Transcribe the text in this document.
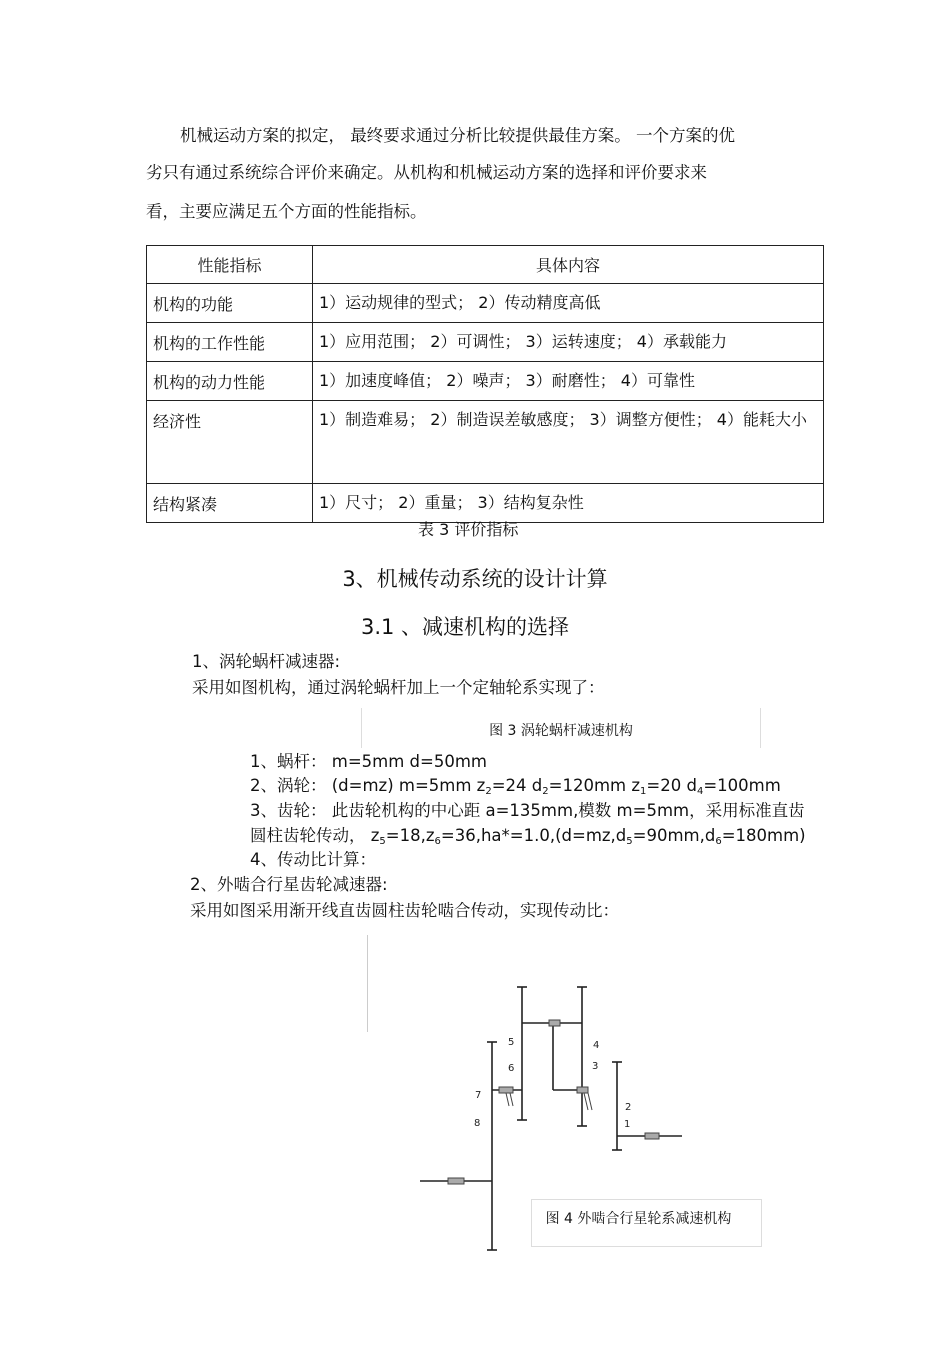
机械运动方案的拟定， 最终要求通过分析比较提供最佳方案。 一个方案的优
劣只有通过系统综合评价来确定。从机构和机械运动方案的选择和评价要求来
看，主要应满足五个方面的性能指标。
性能指标	具体内容
机构的功能	1）运动规律的型式； 2）传动精度高低
机构的工作性能	1）应用范围； 2）可调性； 3）运转速度； 4）承载能力
机构的动力性能	1）加速度峰值； 2）噪声； 3）耐磨性； 4）可靠性
经济性	1）制造难易； 2）制造误差敏感度； 3）调整方便性； 4）能耗大小
结构紧凑	1）尺寸； 2）重量； 3）结构复杂性
表 3 评价指标
3、机械传动系统的设计计算
3.1 、减速机构的选择
1、涡轮蜗杆减速器:
采用如图机构，通过涡轮蜗杆加上一个定轴轮系实现了：
图 3 涡轮蜗杆减速机构
1、蜗杆： m=5mm d=50mm
2、涡轮： (d=mz) m=5mm $z_2=24$ $d_2=120mm$ $z_1=20$ $d_4=100mm$
3、齿轮： 此齿轮机构的中心距 a=135mm,模数 m=5mm，采用标准直齿
圆柱齿轮传动， $z_5=18,z_6=36,ha*=1.0,(d=mz,d_5=90mm,d_6=180mm)$
4、传动比计算：
2、外啮合行星齿轮减速器:
采用如图采用渐开线直齿圆柱齿轮啮合传动，实现传动比：
2
1
3
4
5
6
7
8
图 4 外啮合行星轮系减速机构
